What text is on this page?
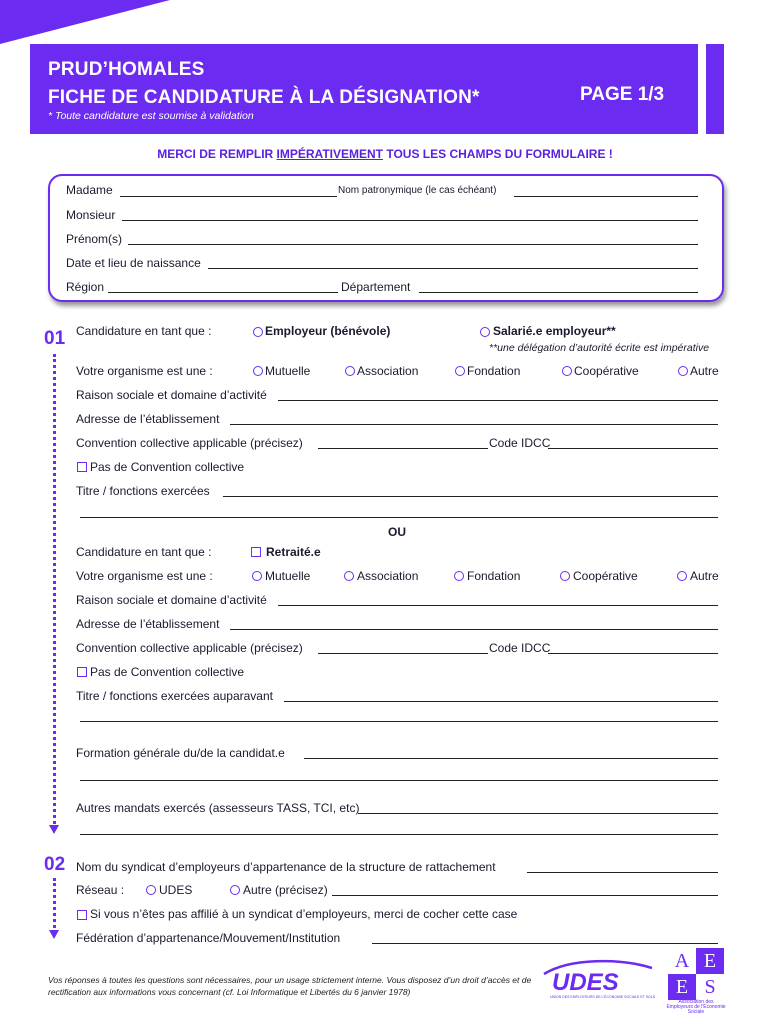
PRUD’HOMALES
FICHE DE CANDIDATURE À LA DÉSIGNATION*	PAGE 1/3
* Toute candidature est soumise à validation
MERCI DE REMPLIR IMPÉRATIVEMENT TOUS LES CHAMPS DU FORMULAIRE !
Madame	Nom patronymique (le cas échéant)
Monsieur
Prénom(s)
Date et lieu de naissance
Région	Département
01 Candidature en tant que :	Employeur (bénévole)	Salarié.e employeur**
**une délégation d’autorité écrite est impérative
Votre organisme est une :	Mutuelle	Association	Fondation	Coopérative	Autre
Raison sociale et domaine d’activité
Adresse de l’établissement
Convention collective applicable (précisez)	Code IDCC
Pas de Convention collective
Titre / fonctions exercées
OU
Candidature en tant que :	Retraité.e
Votre organisme est une :	Mutuelle	Association	Fondation	Coopérative	Autre
Raison sociale et domaine d’activité
Adresse de l’établissement
Convention collective applicable (précisez)	Code IDCC
Pas de Convention collective
Titre / fonctions exercées auparavant
Formation générale du/de la candidat.e
Autres mandats exercés (assesseurs TASS, TCI, etc)
02 Nom du syndicat d’employeurs d’appartenance de la structure de rattachement
Réseau :	UDES	Autre (précisez)
Si vous n’êtes pas affilié à un syndicat d’employeurs, merci de cocher cette case
Fédération d’appartenance/Mouvement/Institution
Vos réponses à toutes les questions sont nécessaires, pour un usage strictement interne. Vous disposez d’un droit d’accès et de rectification aux informations vous concernant (cf. Loi Informatique et Libertés du 6 janvier 1978)	UDES
UNION DES EMPLOYEURS DE L'ÉCONOMIE SOCIALE ET SOLIDAIRE
A E
E S
Association des Employeurs de l'Économie Sociale
